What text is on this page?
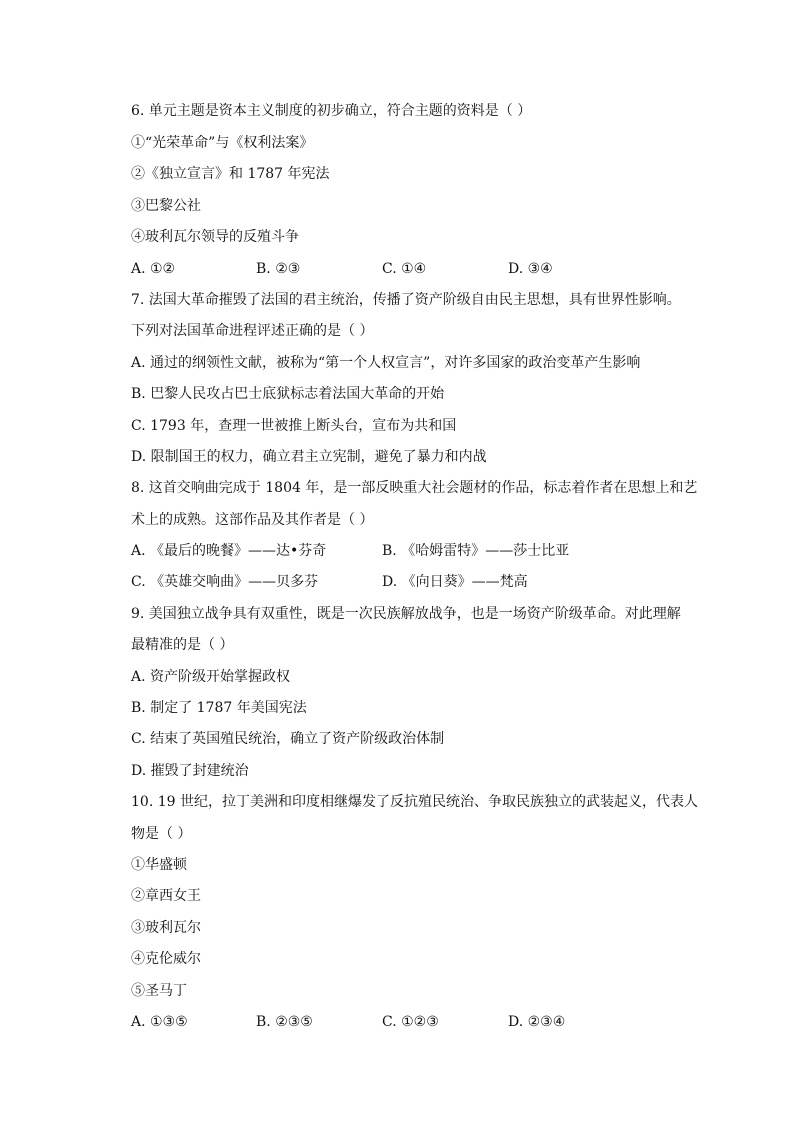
6. 单元主题是资本主义制度的初步确立，符合主题的资料是（ ）
①“光荣革命”与《权利法案》
②《独立宣言》和 1787 年宪法
③巴黎公社
④玻利瓦尔领导的反殖斗争
A. ①②	B. ②③	C. ①④	D. ③④
7. 法国大革命摧毁了法国的君主统治，传播了资产阶级自由民主思想，具有世界性影响。
下列对法国革命进程评述正确的是（ ）
A. 通过的纲领性文献，被称为“第一个人权宣言”，对许多国家的政治变革产生影响
B. 巴黎人民攻占巴士底狱标志着法国大革命的开始
C. 1793 年，查理一世被推上断头台，宣布为共和国
D. 限制国王的权力，确立君主立宪制，避免了暴力和内战
8. 这首交响曲完成于 1804 年，是一部反映重大社会题材的作品，标志着作者在思想上和艺
术上的成熟。这部作品及其作者是（ ）
A. 《最后的晚餐》——达•芬奇	B. 《哈姆雷特》——莎士比亚
C. 《英雄交响曲》——贝多芬	D. 《向日葵》——梵高
9. 美国独立战争具有双重性，既是一次民族解放战争，也是一场资产阶级革命。对此理解
最精准的是（ ）
A. 资产阶级开始掌握政权
B. 制定了 1787 年美国宪法
C. 结束了英国殖民统治，确立了资产阶级政治体制
D. 摧毁了封建统治
10. 19 世纪，拉丁美洲和印度相继爆发了反抗殖民统治、争取民族独立的武装起义，代表人
物是（ ）
①华盛顿
②章西女王
③玻利瓦尔
④克伦威尔
⑤圣马丁
A. ①③⑤	B. ②③⑤	C. ①②③	D. ②③④
